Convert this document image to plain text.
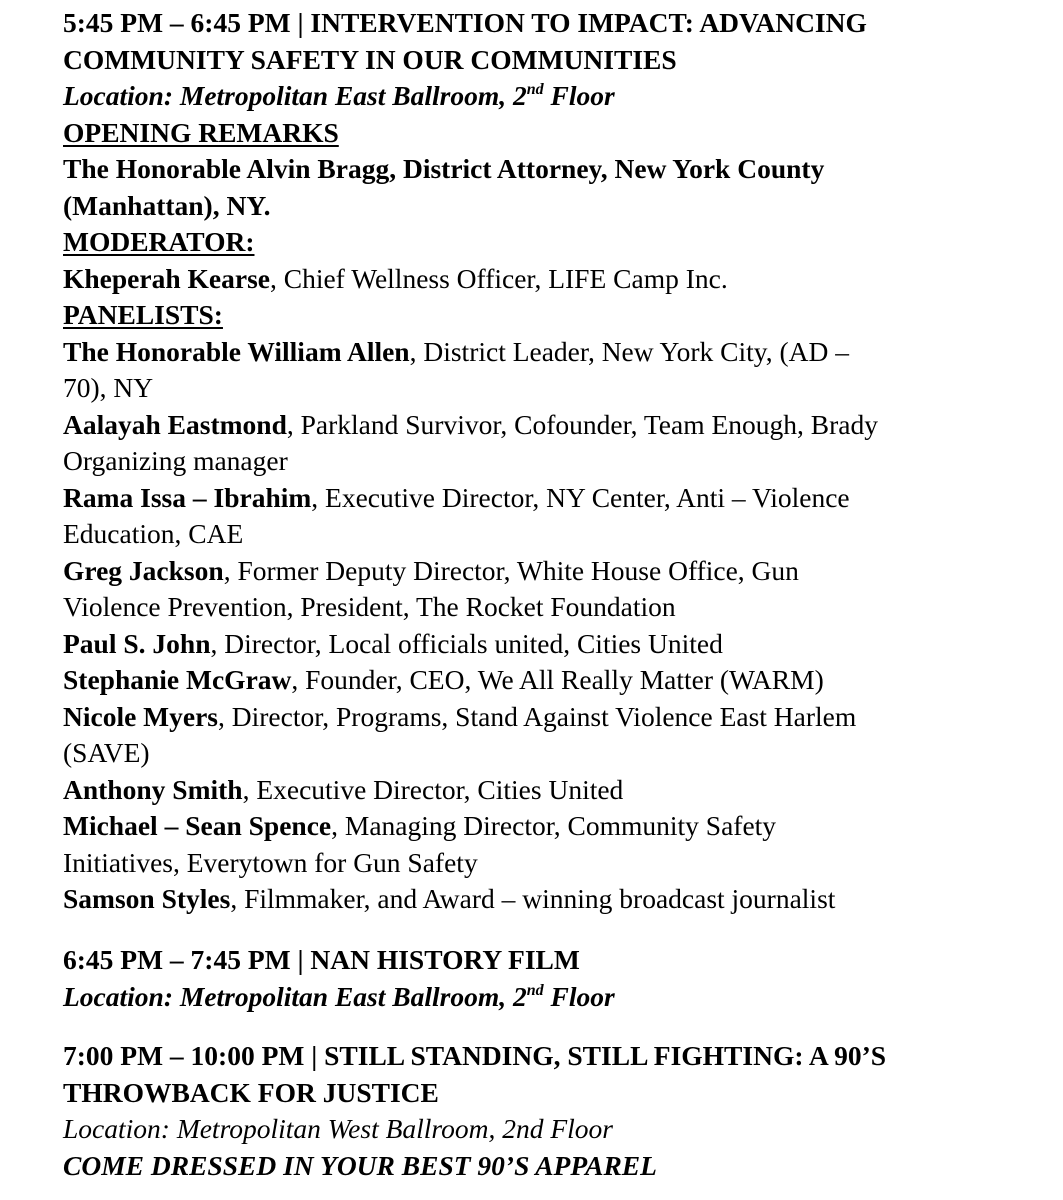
5:45 PM – 6:45 PM | INTERVENTION TO IMPACT: ADVANCING
COMMUNITY SAFETY IN OUR COMMUNITIES
Location: Metropolitan East Ballroom, 2nd Floor
OPENING REMARKS
The Honorable Alvin Bragg, District Attorney, New York County
(Manhattan), NY.
MODERATOR:
Kheperah Kearse, Chief Wellness Officer, LIFE Camp Inc.
PANELISTS:
The Honorable William Allen, District Leader, New York City, (AD –
70), NY
Aalayah Eastmond, Parkland Survivor, Cofounder, Team Enough, Brady
Organizing manager
Rama Issa – Ibrahim, Executive Director, NY Center, Anti – Violence
Education, CAE
Greg Jackson, Former Deputy Director, White House Office, Gun
Violence Prevention, President, The Rocket Foundation
Paul S. John, Director, Local officials united, Cities United
Stephanie McGraw, Founder, CEO, We All Really Matter (WARM)
Nicole Myers, Director, Programs, Stand Against Violence East Harlem
(SAVE)
Anthony Smith, Executive Director, Cities United
Michael – Sean Spence, Managing Director, Community Safety
Initiatives, Everytown for Gun Safety
Samson Styles, Filmmaker, and Award – winning broadcast journalist
6:45 PM – 7:45 PM | NAN HISTORY FILM
Location: Metropolitan East Ballroom, 2nd Floor
7:00 PM – 10:00 PM | STILL STANDING, STILL FIGHTING: A 90’S
THROWBACK FOR JUSTICE
Location: Metropolitan West Ballroom, 2nd Floor
COME DRESSED IN YOUR BEST 90’S APPAREL
